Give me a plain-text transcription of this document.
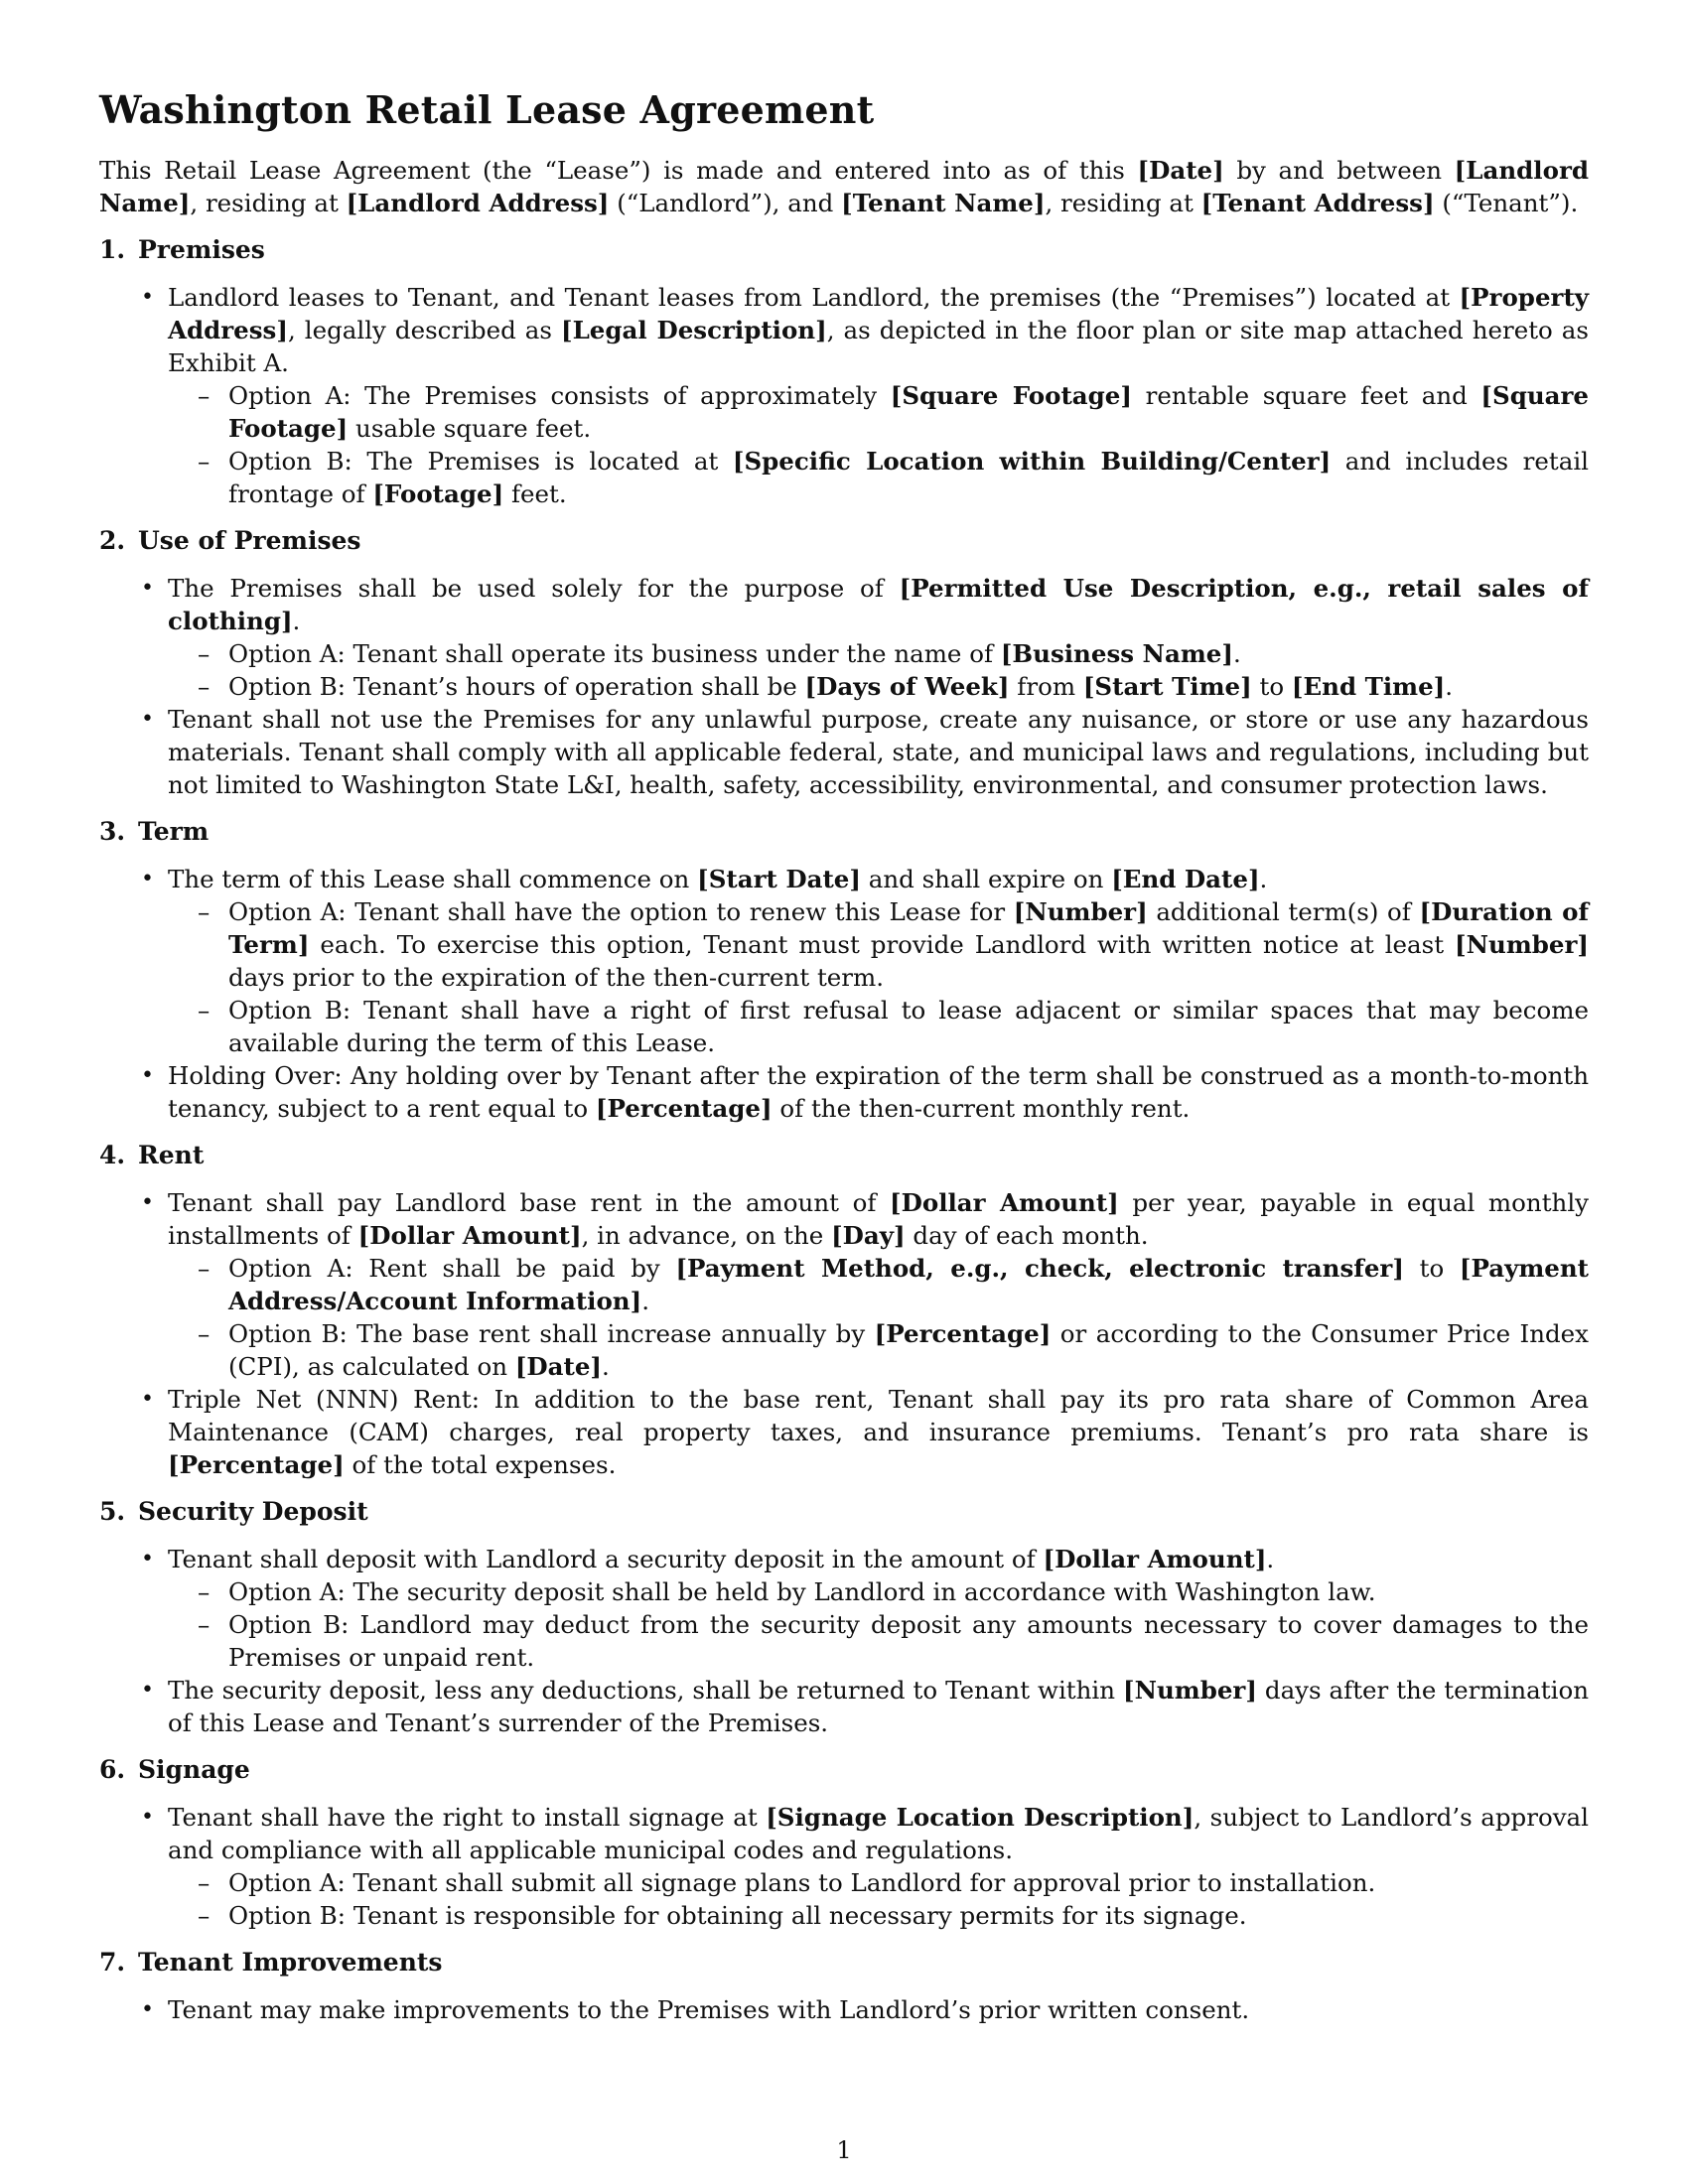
Washington Retail Lease Agreement

This Retail Lease Agreement (the “Lease”) is made and entered into as of this [Date] by and between [Landlord Name], residing at [Landlord Address] (“Landlord”), and [Tenant Name], residing at [Tenant Address] (“Tenant”).

1. Premises
• Landlord leases to Tenant, and Tenant leases from Landlord, the premises (the “Premises”) located at [Property Address], legally described as [Legal Description], as depicted in the floor plan or site map attached hereto as Exhibit A.
– Option A: The Premises consists of approximately [Square Footage] rentable square feet and [Square Footage] usable square feet.
– Option B: The Premises is located at [Specific Location within Building/Center] and includes retail frontage of [Footage] feet.
2. Use of Premises
• The Premises shall be used solely for the purpose of [Permitted Use Description, e.g., retail sales of clothing].
– Option A: Tenant shall operate its business under the name of [Business Name].
– Option B: Tenant’s hours of operation shall be [Days of Week] from [Start Time] to [End Time].
• Tenant shall not use the Premises for any unlawful purpose, create any nuisance, or store or use any hazardous materials. Tenant shall comply with all applicable federal, state, and municipal laws and regulations, including but not limited to Washington State L&I, health, safety, accessibility, environmental, and consumer protection laws.
3. Term
• The term of this Lease shall commence on [Start Date] and shall expire on [End Date].
– Option A: Tenant shall have the option to renew this Lease for [Number] additional term(s) of [Duration of Term] each. To exercise this option, Tenant must provide Landlord with written notice at least [Number] days prior to the expiration of the then-current term.
– Option B: Tenant shall have a right of first refusal to lease adjacent or similar spaces that may become available during the term of this Lease.
• Holding Over: Any holding over by Tenant after the expiration of the term shall be construed as a month-to-month tenancy, subject to a rent equal to [Percentage] of the then-current monthly rent.
4. Rent
• Tenant shall pay Landlord base rent in the amount of [Dollar Amount] per year, payable in equal monthly installments of [Dollar Amount], in advance, on the [Day] day of each month.
– Option A: Rent shall be paid by [Payment Method, e.g., check, electronic transfer] to [Payment Address/Account Information].
– Option B: The base rent shall increase annually by [Percentage] or according to the Consumer Price Index (CPI), as calculated on [Date].
• Triple Net (NNN) Rent: In addition to the base rent, Tenant shall pay its pro rata share of Common Area Maintenance (CAM) charges, real property taxes, and insurance premiums. Tenant’s pro rata share is [Percentage] of the total expenses.
5. Security Deposit
• Tenant shall deposit with Landlord a security deposit in the amount of [Dollar Amount].
– Option A: The security deposit shall be held by Landlord in accordance with Washington law.
– Option B: Landlord may deduct from the security deposit any amounts necessary to cover damages to the Premises or unpaid rent.
• The security deposit, less any deductions, shall be returned to Tenant within [Number] days after the termination of this Lease and Tenant’s surrender of the Premises.
6. Signage
• Tenant shall have the right to install signage at [Signage Location Description], subject to Landlord’s approval and compliance with all applicable municipal codes and regulations.
– Option A: Tenant shall submit all signage plans to Landlord for approval prior to installation.
– Option B: Tenant is responsible for obtaining all necessary permits for its signage.
7. Tenant Improvements
• Tenant may make improvements to the Premises with Landlord’s prior written consent.
1
